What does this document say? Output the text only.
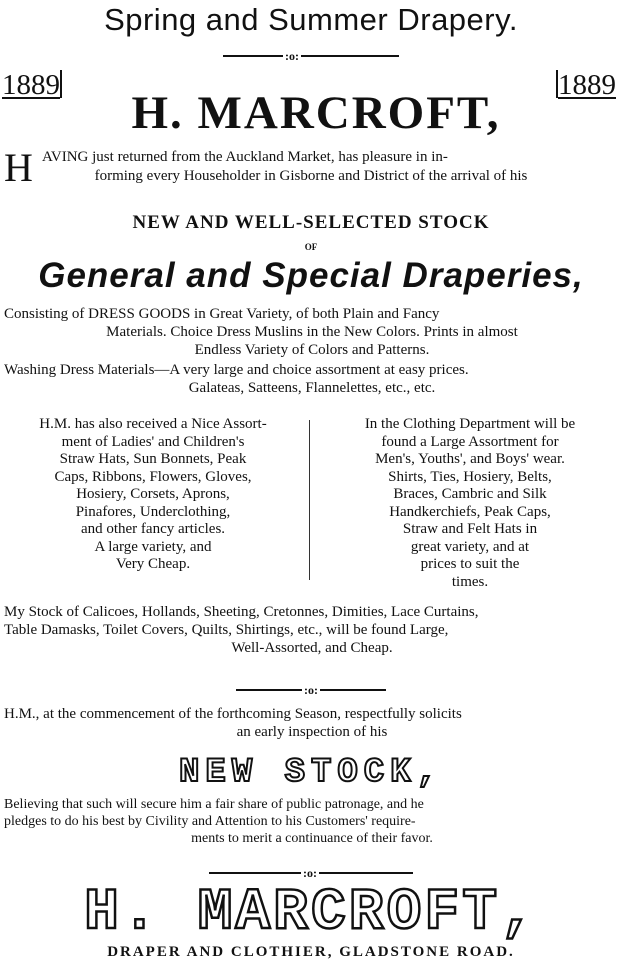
Spring and Summer Drapery.
:o:
1889
H. MARCROFT,
1889
H AVING just returned from the Auckland Market, has pleasure in in-
forming every Householder in Gisborne and District of the arrival of his
NEW AND WELL-SELECTED STOCK
OF
General and Special Draperies,
Consisting of DRESS GOODS in Great Variety, of both Plain and Fancy
Materials. Choice Dress Muslins in the New Colors. Prints in almost
Endless Variety of Colors and Patterns.
Washing Dress Materials—A very large and choice assortment at easy prices.
Galateas, Satteens, Flannelettes, etc., etc.
H.M. has also received a Nice Assort-
ment of Ladies' and Children's
Straw Hats, Sun Bonnets, Peak
Caps, Ribbons, Flowers, Gloves,
Hosiery, Corsets, Aprons,
Pinafores, Underclothing,
and other fancy articles.
A large variety, and
Very Cheap.
In the Clothing Department will be
found a Large Assortment for
Men's, Youths', and Boys' wear.
Shirts, Ties, Hosiery, Belts,
Braces, Cambric and Silk
Handkerchiefs, Peak Caps,
Straw and Felt Hats in
great variety, and at
prices to suit the
times.
My Stock of Calicoes, Hollands, Sheeting, Cretonnes, Dimities, Lace Curtains,
Table Damasks, Toilet Covers, Quilts, Shirtings, etc., will be found Large,
Well-Assorted, and Cheap.
:o:
H.M., at the commencement of the forthcoming Season, respectfully solicits
an early inspection of his
NEW STOCK,
Believing that such will secure him a fair share of public patronage, and he
pledges to do his best by Civility and Attention to his Customers' require-
ments to merit a continuance of their favor.
:o:
H. MARCROFT,
DRAPER AND CLOTHIER, GLADSTONE ROAD.
